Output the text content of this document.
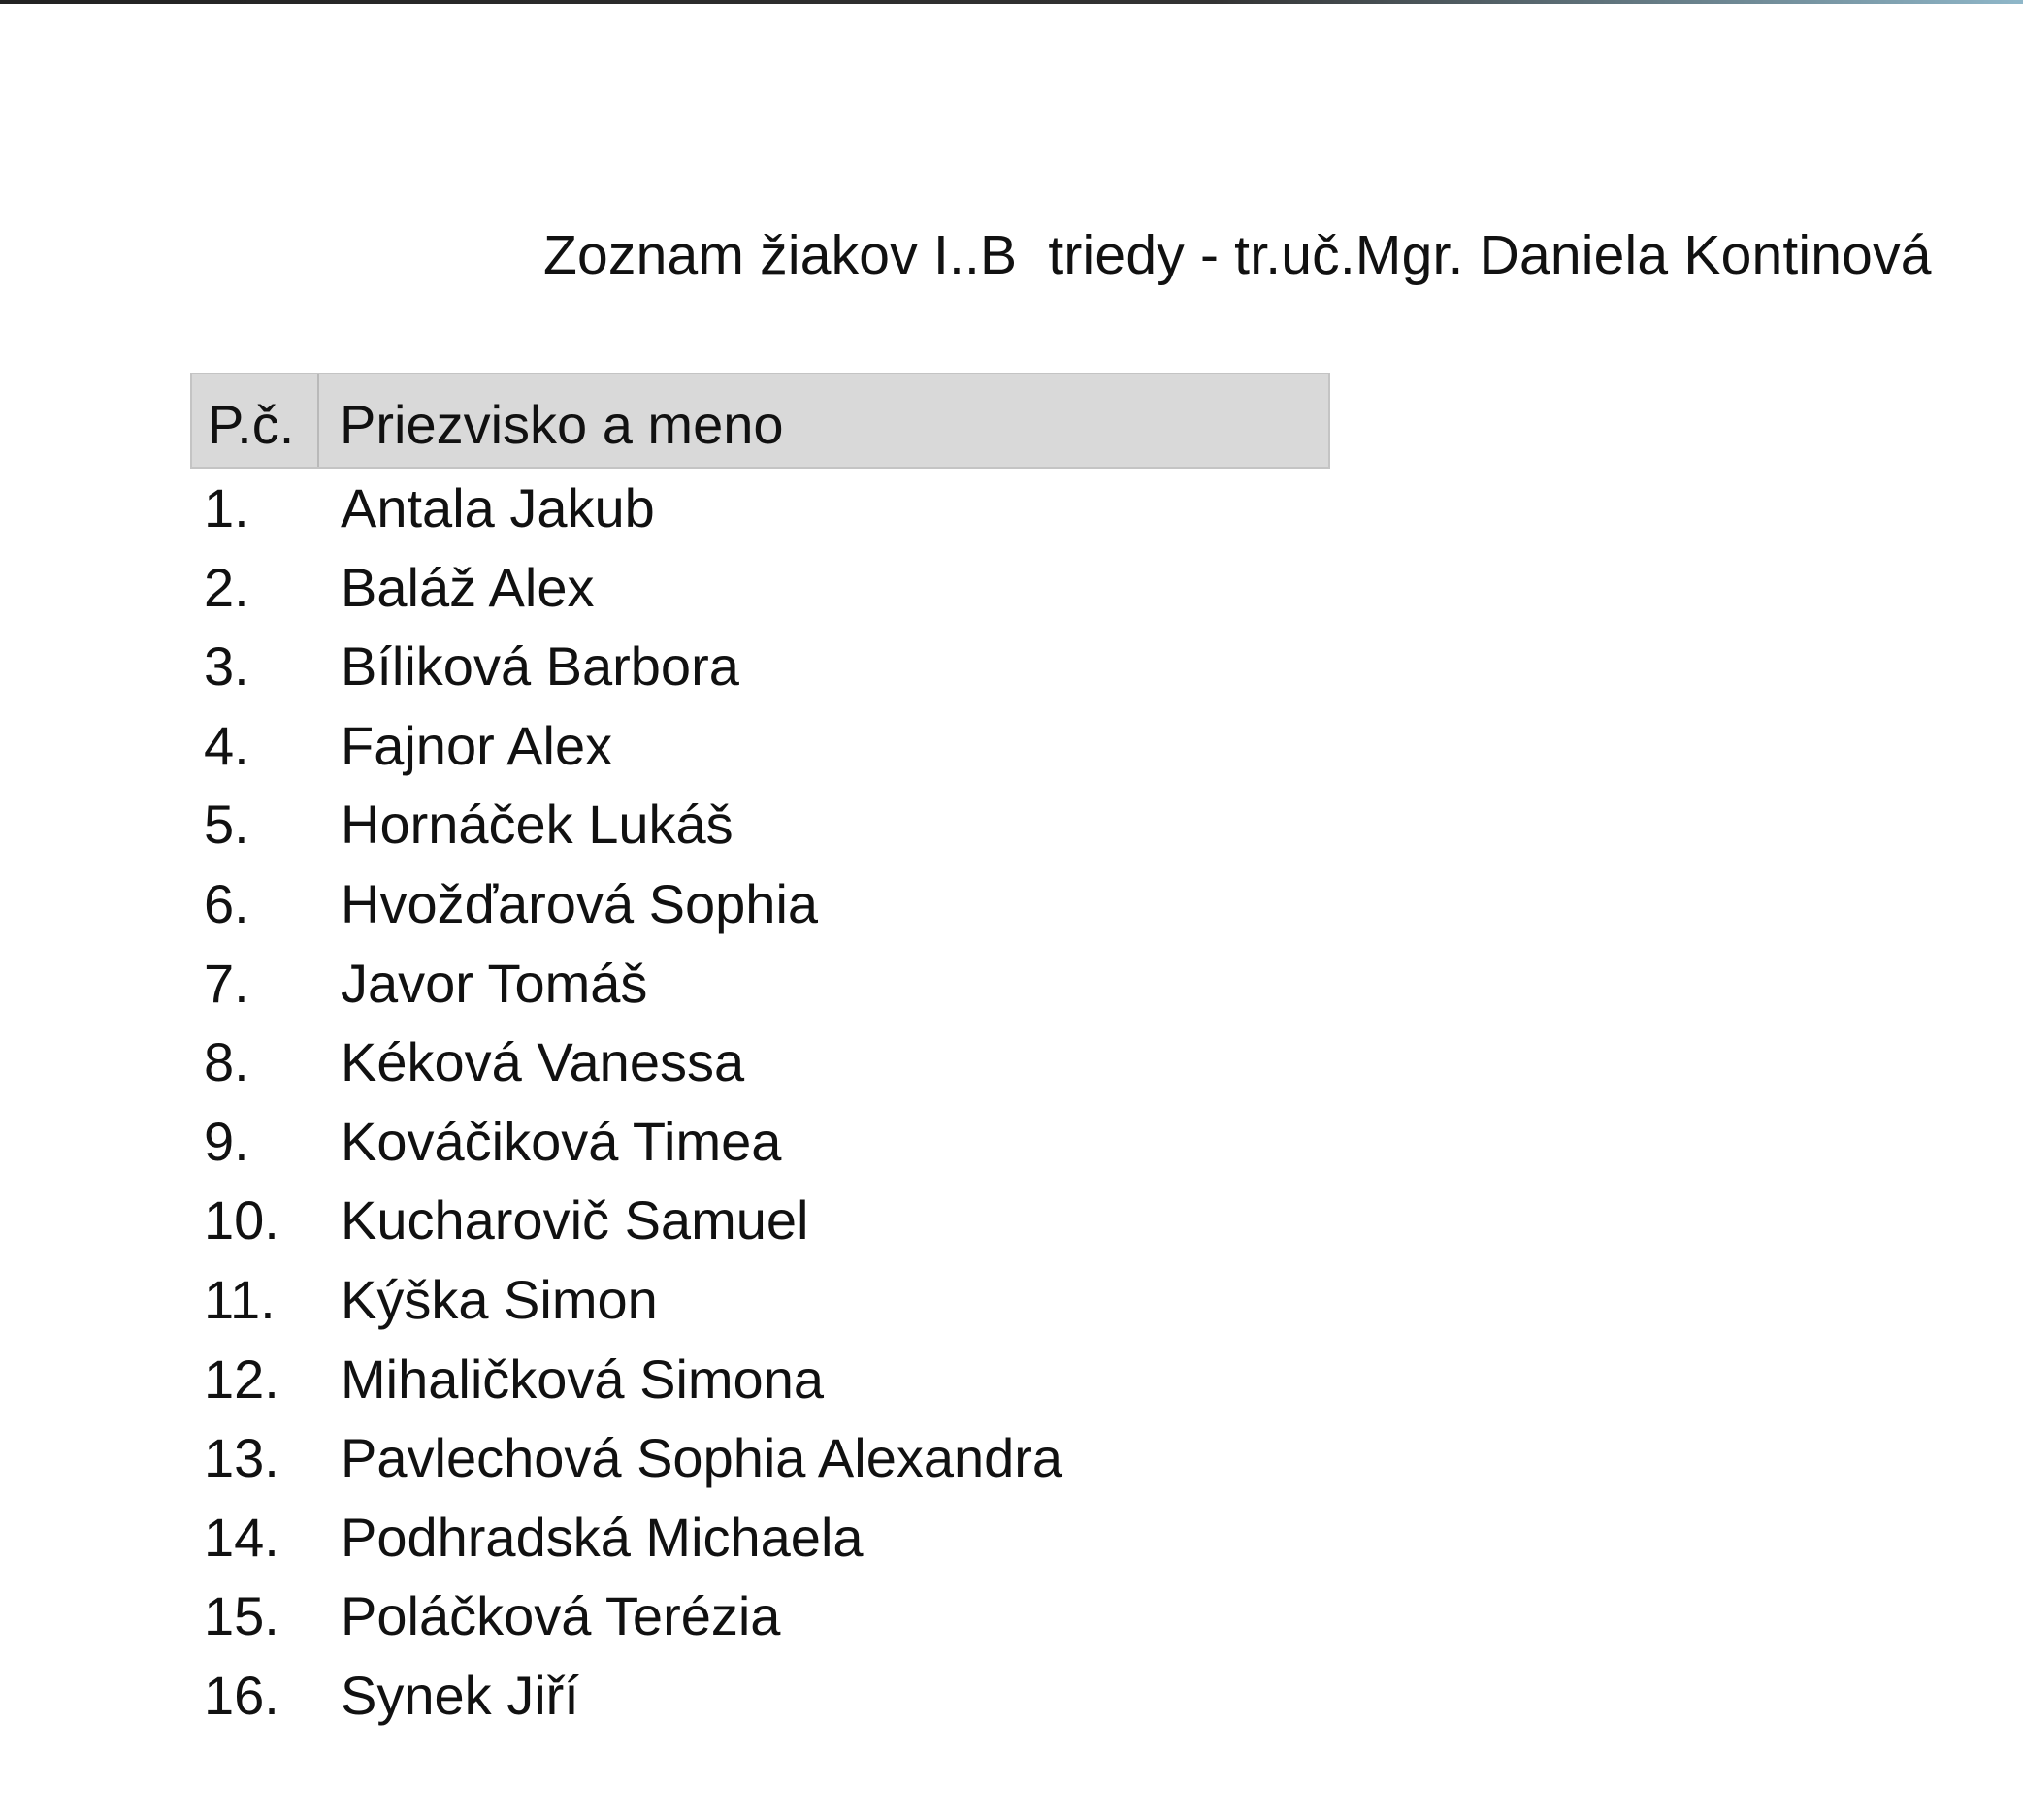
Zoznam žiakov I..B  triedy - tr.uč.Mgr. Daniela Kontinová
P.č. Priezvisko a meno
1. Antala Jakub
2. Baláž Alex
3. Bíliková Barbora
4. Fajnor Alex
5. Hornáček Lukáš
6. Hvožďarová Sophia
7. Javor Tomáš
8. Kéková Vanessa
9. Kováčiková Timea
10. Kucharovič Samuel
11. Kýška Simon
12. Mihaličková Simona
13. Pavlechová Sophia Alexandra
14. Podhradská Michaela
15. Poláčková Terézia
16. Synek Jiří
